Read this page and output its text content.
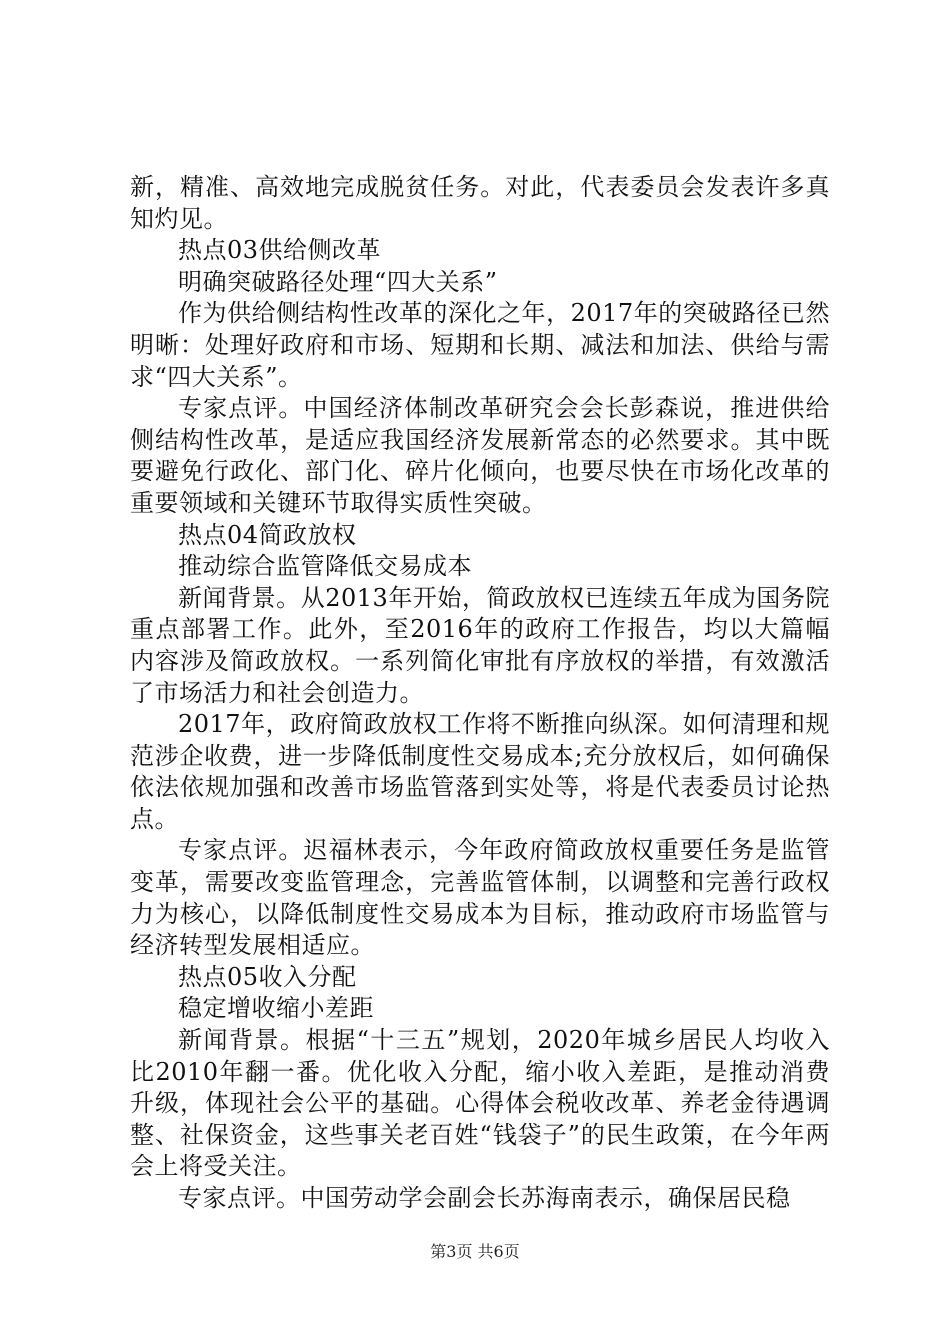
新，精准、高效地完成脱贫任务。对此，代表委员会发表许多真知灼见。

热点03供给侧改革

明确突破路径处理“四大关系”

作为供给侧结构性改革的深化之年，2017年的突破路径已然明晰：处理好政府和市场、短期和长期、减法和加法、供给与需求“四大关系”。

专家点评。中国经济体制改革研究会会长彭森说，推进供给侧结构性改革，是适应我国经济发展新常态的必然要求。其中既要避免行政化、部门化、碎片化倾向，也要尽快在市场化改革的重要领域和关键环节取得实质性突破。

热点04简政放权

推动综合监管降低交易成本

新闻背景。从2013年开始，简政放权已连续五年成为国务院重点部署工作。此外，至2016年的政府工作报告，均以大篇幅内容涉及简政放权。一系列简化审批有序放权的举措，有效激活了市场活力和社会创造力。

2017年，政府简政放权工作将不断推向纵深。如何清理和规范涉企收费，进一步降低制度性交易成本;充分放权后，如何确保依法依规加强和改善市场监管落到实处等，将是代表委员讨论热点。

专家点评。迟福林表示，今年政府简政放权重要任务是监管变革，需要改变监管理念，完善监管体制，以调整和完善行政权力为核心，以降低制度性交易成本为目标，推动政府市场监管与经济转型发展相适应。

热点05收入分配

稳定增收缩小差距

新闻背景。根据“十三五”规划，2020年城乡居民人均收入比2010年翻一番。优化收入分配，缩小收入差距，是推动消费升级，体现社会公平的基础。心得体会税收改革、养老金待遇调整、社保资金，这些事关老百姓“钱袋子”的民生政策，在今年两会上将受关注。

专家点评。中国劳动学会副会长苏海南表示，确保居民稳

第3页 共6页
